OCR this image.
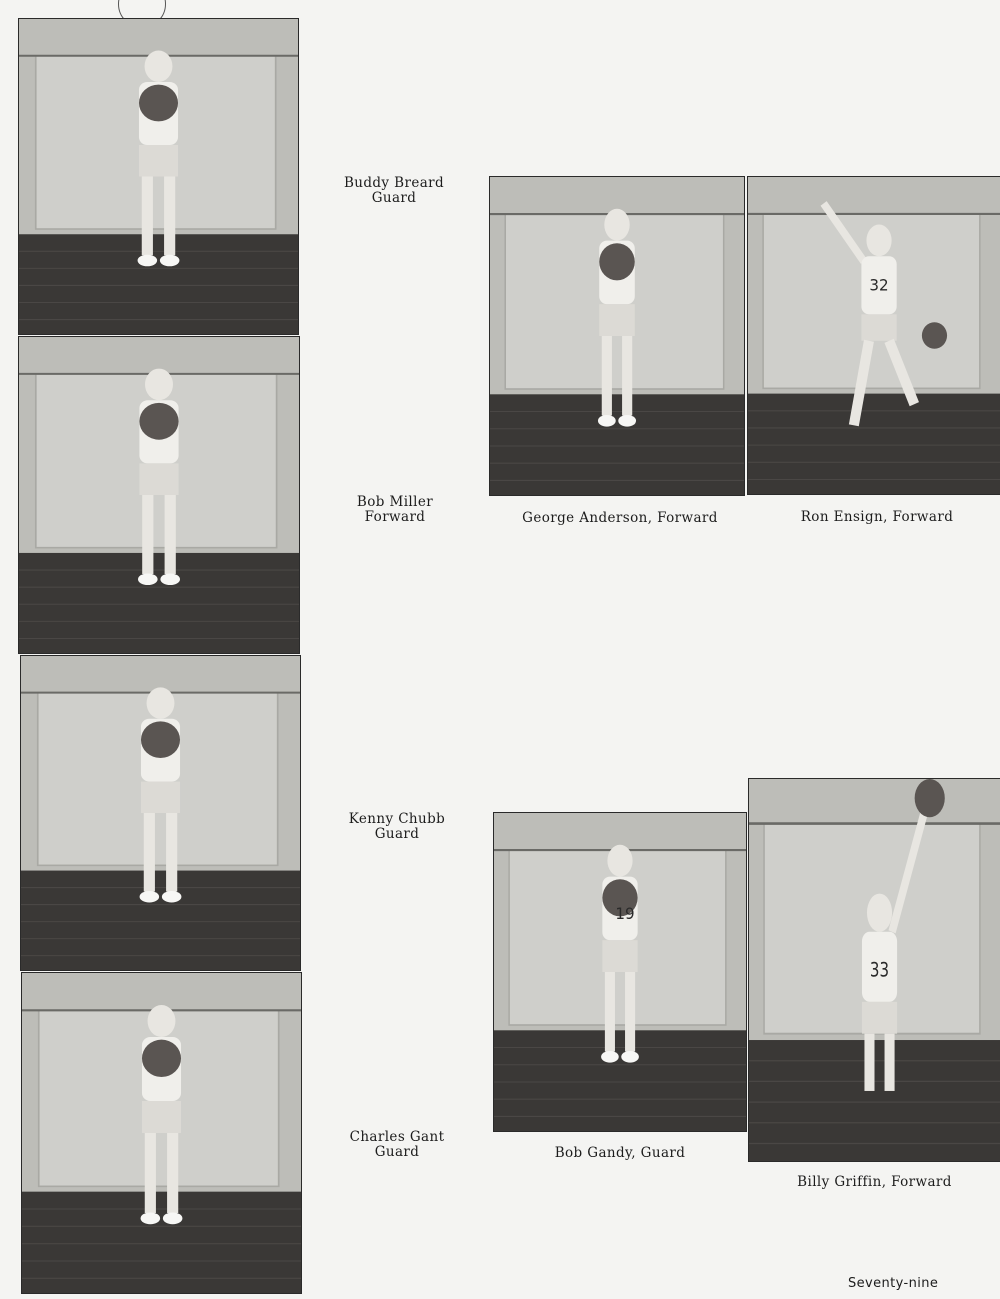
Buddy Breard
Guard
Bob Miller
Forward
Kenny Chubb
Guard
Charles Gant
Guard
32
George Anderson, Forward	Ron Ensign, Forward
19
33
Bob Gandy, Guard
Billy Griffin, Forward
Seventy-nine
